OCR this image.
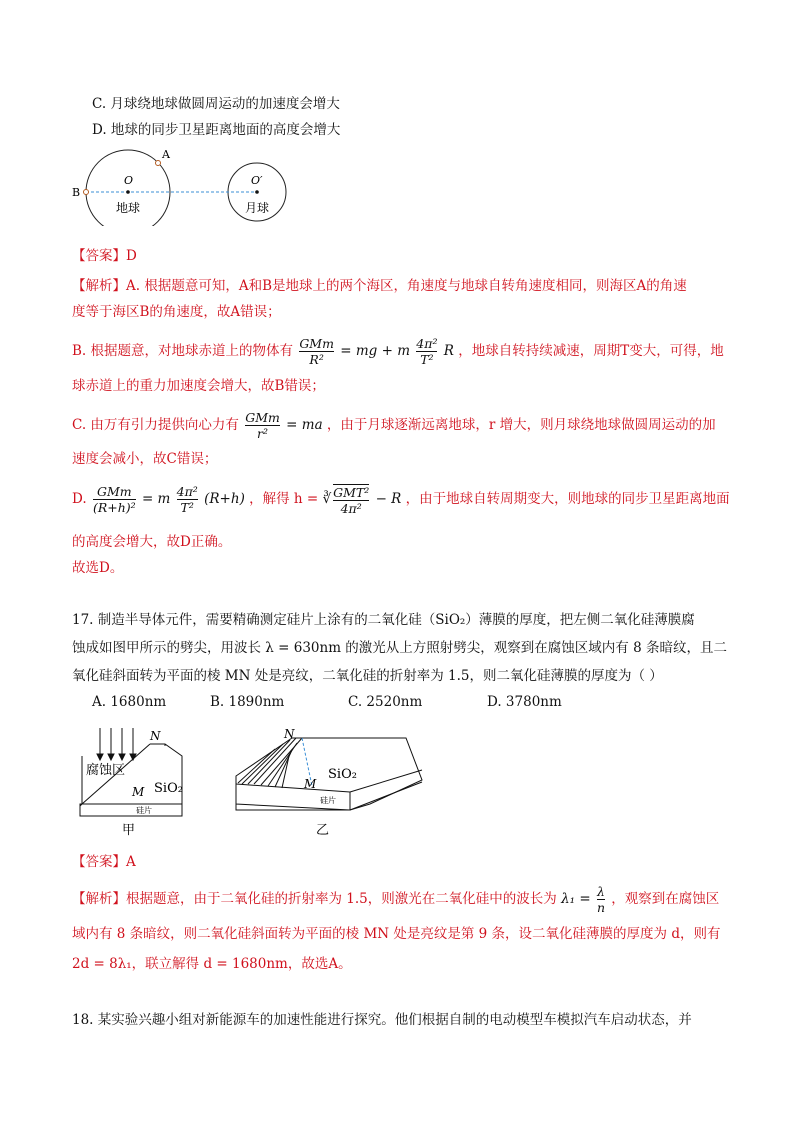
C. 月球绕地球做圆周运动的加速度会增大
D. 地球的同步卫星距离地面的高度会增大
A
B
O	O′
地球	月球
【答案】D
【解析】A. 根据题意可知，A和B是地球上的两个海区，角速度与地球自转角速度相同，则海区A的角速
度等于海区B的角速度，故A错误；
B. 根据题意，对地球赤道上的物体有 GMm
R²
= mg + m $\frac{\text{4π²}}{\text{T²}}$ R ，地球自转持续减速，周期T变大，可得，地
球赤道上的重力加速度会增大，故B错误；
C. 由万有引力提供向心力有 GMm
r²
= ma ，由于月球逐渐远离地球，r 增大，则月球绕地球做圆周运动的加
速度会减小，故C错误；
D. GMm
(R+h)²
= m $\frac{\text{4π²}}{\text{T²}} (R+h)$ ，解得 h = ∛ GMT²
4π²
− R ，由于地球自转周期变大，则地球的同步卫星距离地面
的高度会增大，故D正确。
故选D。
17. 制造半导体元件，需要精确测定硅片上涂有的二氧化硅（SiO₂）薄膜的厚度，把左侧二氧化硅薄膜腐
蚀成如图甲所示的劈尖，用波长 λ = 630nm 的激光从上方照射劈尖，观察到在腐蚀区域内有 8 条暗纹，且二
氧化硅斜面转为平面的棱 MN 处是亮纹，二氧化硅的折射率为 1.5，则二氧化硅薄膜的厚度为（ ）
A. 1680nm	B. 1890nm	C. 2520nm	D. 3780nm
N
腐蚀区
M SiO₂
硅片
甲
N
M
SiO₂
硅片
乙
【答案】A
【解析】根据题意，由于二氧化硅的折射率为 1.5，则激光在二氧化硅中的波长为 $\lambda_1 = \frac{\lambda}{n}$ ，观察到在腐蚀区
域内有 8 条暗纹，则二氧化硅斜面转为平面的棱 MN 处是亮纹是第 9 条，设二氧化硅薄膜的厚度为 d，则有
2d = 8λ₁，联立解得 d = 1680nm，故选A。
18. 某实验兴趣小组对新能源车的加速性能进行探究。他们根据自制的电动模型车模拟汽车启动状态，并
